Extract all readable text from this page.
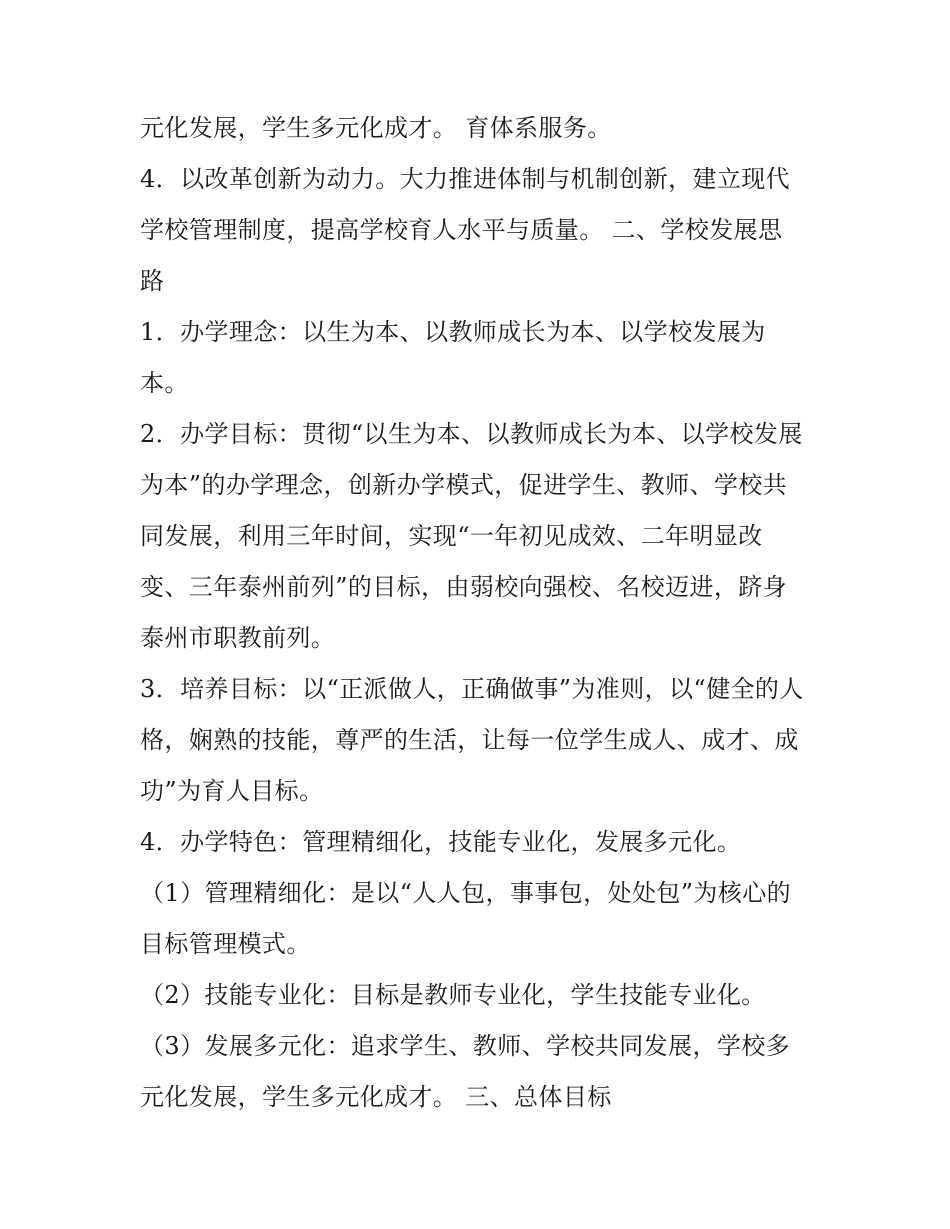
元化发展，学生多元化成才。 育体系服务。
4．以改革创新为动力。大力推进体制与机制创新，建立现代
学校管理制度，提高学校育人水平与质量。 二、学校发展思
路
1．办学理念：以生为本、以教师成长为本、以学校发展为
本。
2．办学目标：贯彻“以生为本、以教师成长为本、以学校发展
为本”的办学理念，创新办学模式，促进学生、教师、学校共
同发展，利用三年时间，实现“一年初见成效、二年明显改
变、三年泰州前列”的目标，由弱校向强校、名校迈进，跻身
泰州市职教前列。
3．培养目标：以“正派做人，正确做事”为准则，以“健全的人
格，娴熟的技能，尊严的生活，让每一位学生成人、成才、成
功”为育人目标。
4．办学特色：管理精细化，技能专业化，发展多元化。
（1）管理精细化：是以“人人包，事事包，处处包”为核心的
目标管理模式。
（2）技能专业化：目标是教师专业化，学生技能专业化。
（3）发展多元化：追求学生、教师、学校共同发展，学校多
元化发展，学生多元化成才。 三、总体目标
